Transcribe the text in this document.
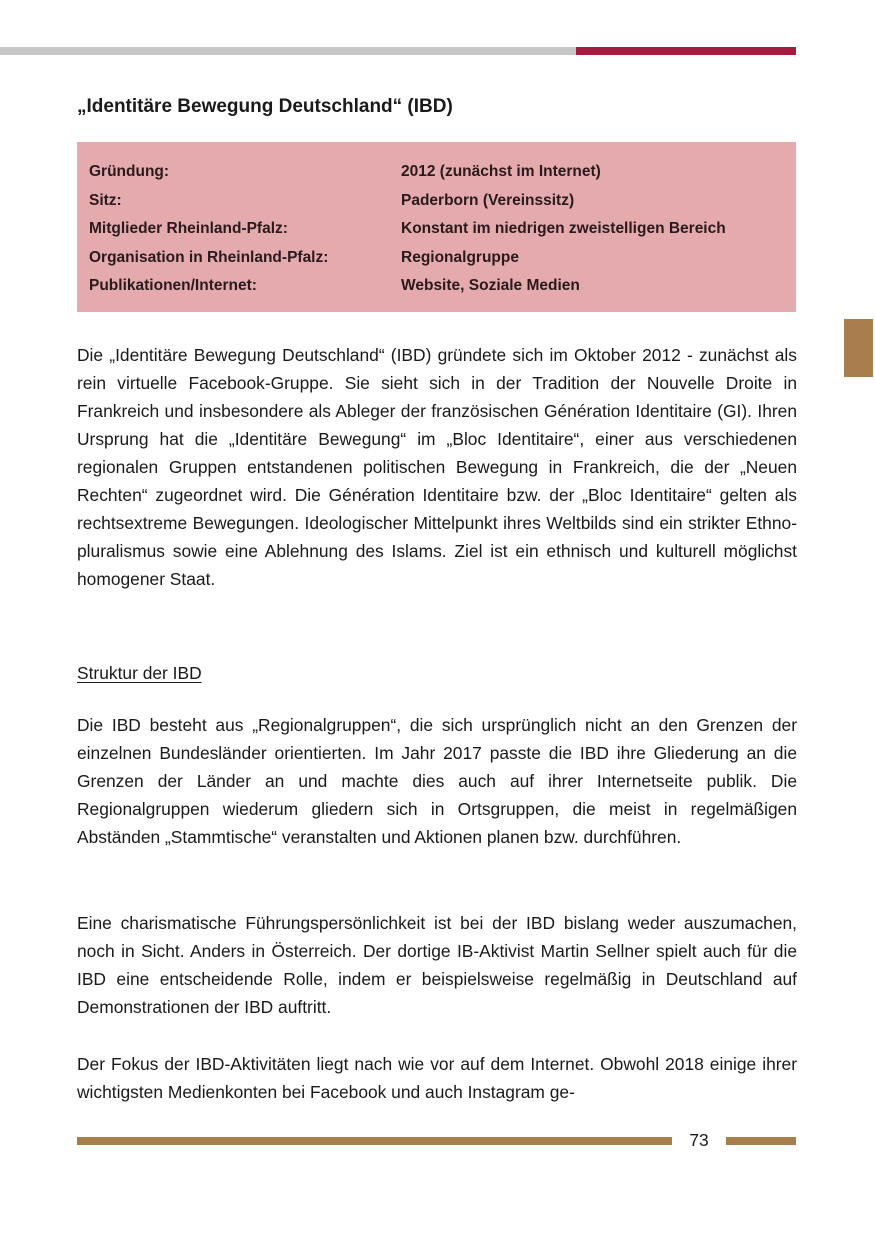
„Identitäre Bewegung Deutschland“ (IBD)
Gründung:	2012 (zunächst im Internet)
Sitz:	Paderborn (Vereinssitz)
Mitglieder Rheinland-Pfalz:	Konstant im niedrigen zweistelligen Bereich
Organisation in Rheinland-Pfalz:	Regionalgruppe
Publikationen/Internet:	Website, Soziale Medien

Die „Identitäre Bewegung Deutschland“ (IBD) gründete sich im Oktober 2012 - zunächst als rein virtuelle Facebook-Gruppe. Sie sieht sich in der Tradition der Nouvelle Droite in Frankreich und insbesondere als Ableger der französischen Génération Identitaire (GI). Ihren Ursprung hat die „Identitäre Bewegung“ im „Bloc Identitaire“, einer aus verschiedenen regionalen Gruppen entstandenen politischen Bewegung in Frankreich, die der „Neuen Rechten“ zugeordnet wird. Die Génération Identitaire bzw. der „Bloc Identitaire“ gelten als rechtsextreme Bewegungen. Ideologischer Mittelpunkt ihres Weltbilds sind ein strikter Ethnopluralismus sowie eine Ablehnung des Islams. Ziel ist ein ethnisch und kulturell möglichst homogener Staat.

Struktur der IBD

Die IBD besteht aus „Regionalgruppen“, die sich ursprünglich nicht an den Grenzen der einzelnen Bundesländer orientierten. Im Jahr 2017 passte die IBD ihre Gliederung an die Grenzen der Länder an und machte dies auch auf ihrer Internetseite publik. Die Regionalgruppen wiederum gliedern sich in Ortsgruppen, die meist in regelmäßigen Abständen „Stammtische“ veranstalten und Aktionen planen bzw. durchführen.

Eine charismatische Führungspersönlichkeit ist bei der IBD bislang weder auszumachen, noch in Sicht. Anders in Österreich. Der dortige IB-Aktivist Martin Sellner spielt auch für die IBD eine entscheidende Rolle, indem er beispielsweise regelmäßig in Deutschland auf Demonstrationen der IBD auftritt.

Der Fokus der IBD-Aktivitäten liegt nach wie vor auf dem Internet. Obwohl 2018 einige ihrer wichtigsten Medienkonten bei Facebook und auch Instagram ge-

73
